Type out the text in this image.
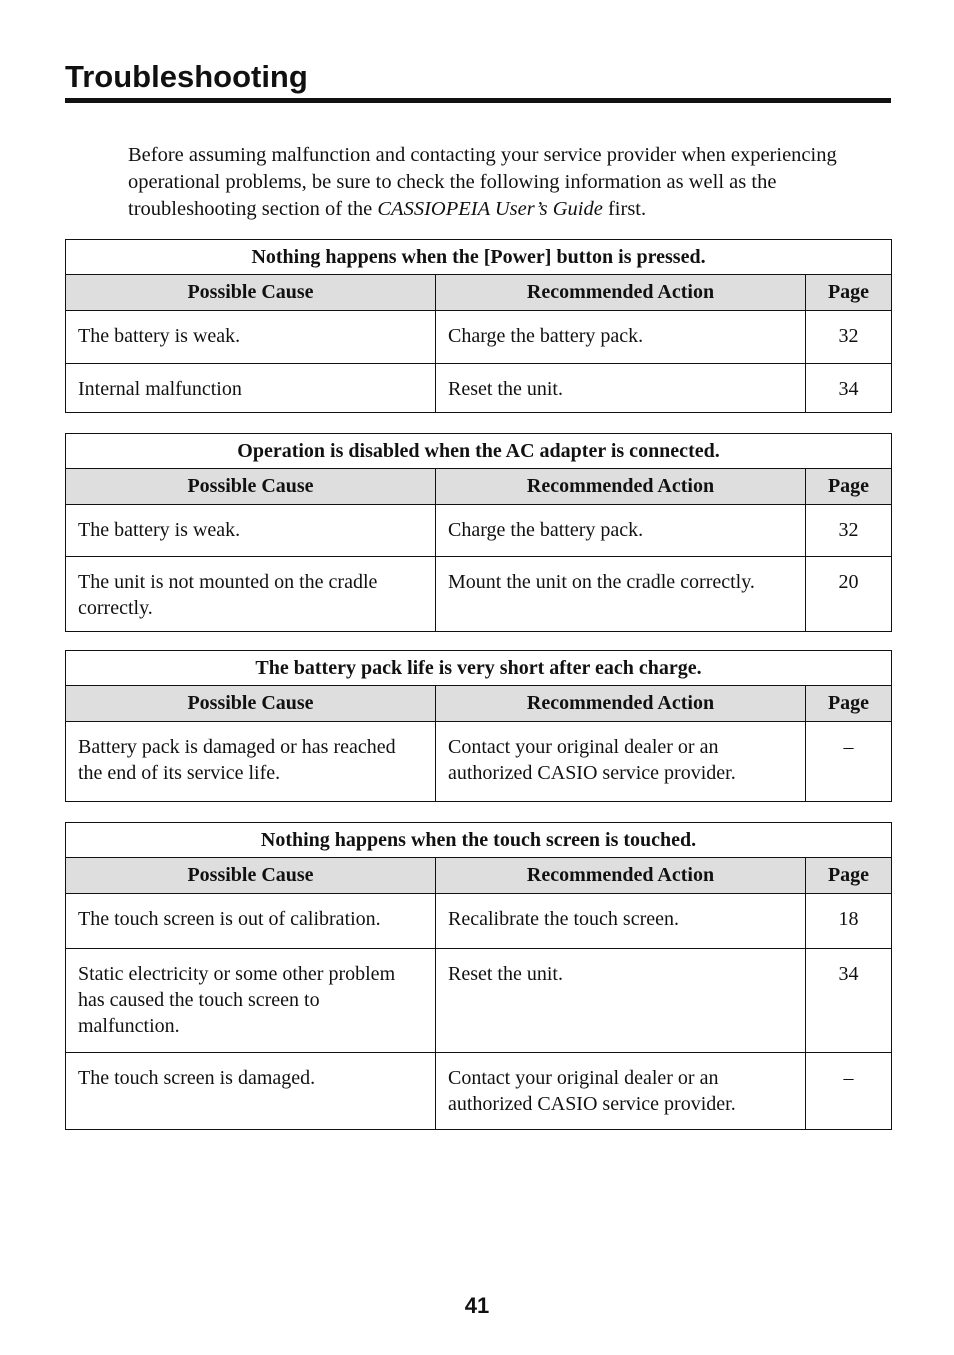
Troubleshooting

Before assuming malfunction and contacting your service provider when experiencing operational problems, be sure to check the following information as well as the troubleshooting section of the CASSIOPEIA User’s Guide first.

Nothing happens when the [Power] button is pressed.		
Possible Cause	Recommended Action	Page
The battery is weak.	Charge the battery pack.	32
Internal malfunction	Reset the unit.	34
Operation is disabled when the AC adapter is connected.		
Possible Cause	Recommended Action	Page
The battery is weak.	Charge the battery pack.	32
The unit is not mounted on the cradle correctly.	Mount the unit on the cradle correctly.	20
The battery pack life is very short after each charge.		
Possible Cause	Recommended Action	Page
Battery pack is damaged or has reached the end of its service life.	Contact your original dealer or an authorized CASIO service provider.	–
Nothing happens when the touch screen is touched.		
Possible Cause	Recommended Action	Page
The touch screen is out of calibration.	Recalibrate the touch screen.	18
Static electricity or some other problem has caused the touch screen to malfunction.	Reset the unit.	34
The touch screen is damaged.	Contact your original dealer or an authorized CASIO service provider.	–
41
